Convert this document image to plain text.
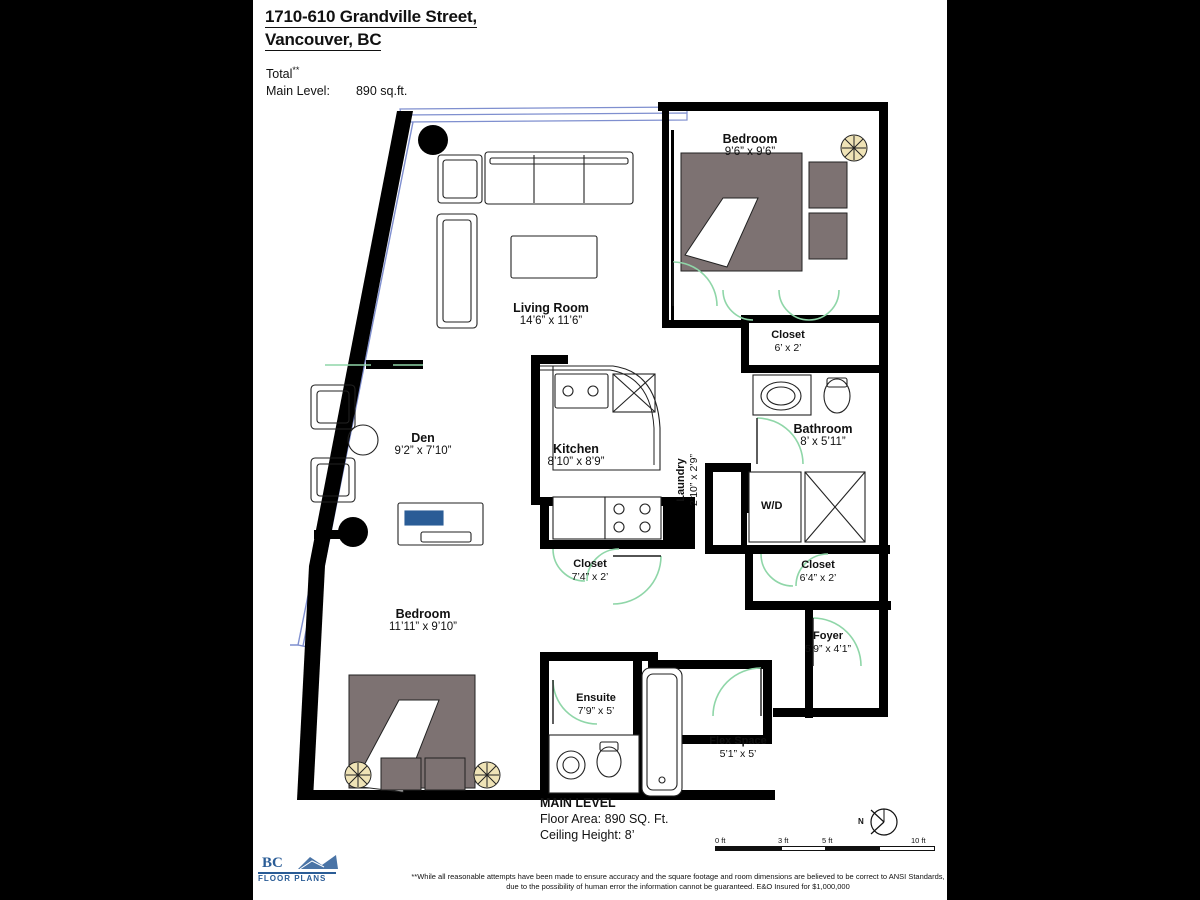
1710-610 Grandville Street,
Vancouver, BC
Total**
Main Level: 890 sq.ft.
Living Room
14’6” x 11’6”
Bedroom
9’6” x 9’6”
Closet
6’ x 2’
Bathroom
8’ x 5’11”
Den
9’2” x 7’10”	Kitchen
8’10” x 8’9”	Laundry 2’10” x 2’9”
Closet
7’4” x 2’
Closet
6’4” x 2’
Bedroom
11’11” x 9’10”
Foyer
5’9” x 4’1”
Ensuite
7’9” x 5’
Flex Space
5’1” x 5’
W/D
MAIN LEVEL
Floor Area: 890 SQ. Ft.
Ceiling Height: 8’
N
0 ft	3 ft	5 ft	10 ft
BC
FLOOR PLANS	**While all reasonable attempts have been made to ensure accuracy and the square footage and room dimensions are believed to be correct to ANSI Standards, due to the possibility of human error the information cannot be guaranteed. E&O Insured for $1,000,000
